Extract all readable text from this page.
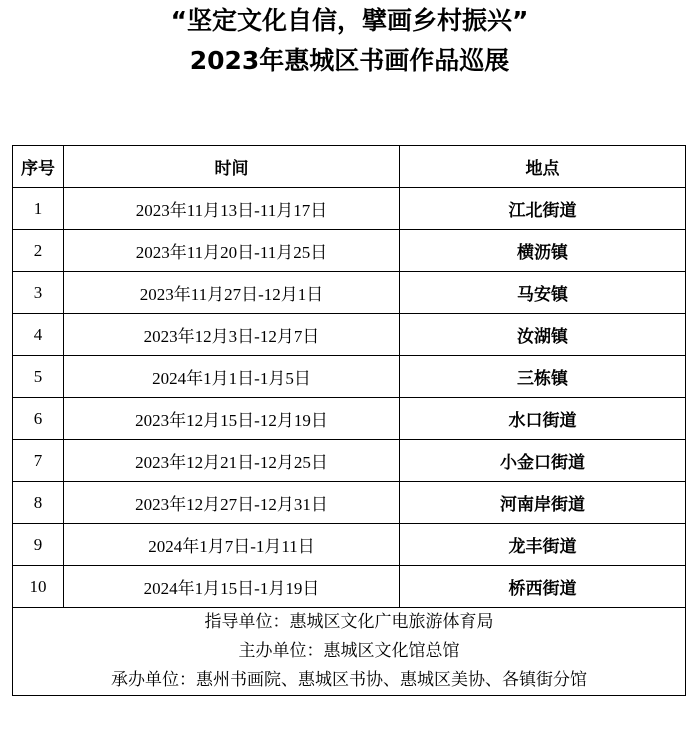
“坚定文化自信，擘画乡村振兴”
2023年惠城区书画作品巡展
序号	时间	地点
1	2023年11月13日-11月17日	江北街道
2	2023年11月20日-11月25日	横沥镇
3	2023年11月27日-12月1日	马安镇
4	2023年12月3日-12月7日	汝湖镇
5	2024年1月1日-1月5日	三栋镇
6	2023年12月15日-12月19日	水口街道
7	2023年12月21日-12月25日	小金口街道
8	2023年12月27日-12月31日	河南岸街道
9	2024年1月7日-1月11日	龙丰街道
10	2024年1月15日-1月19日	桥西街道

指导单位：惠城区文化广电旅游体育局
主办单位：惠城区文化馆总馆
承办单位：惠州书画院、惠城区书协、惠城区美协、各镇街分馆		
